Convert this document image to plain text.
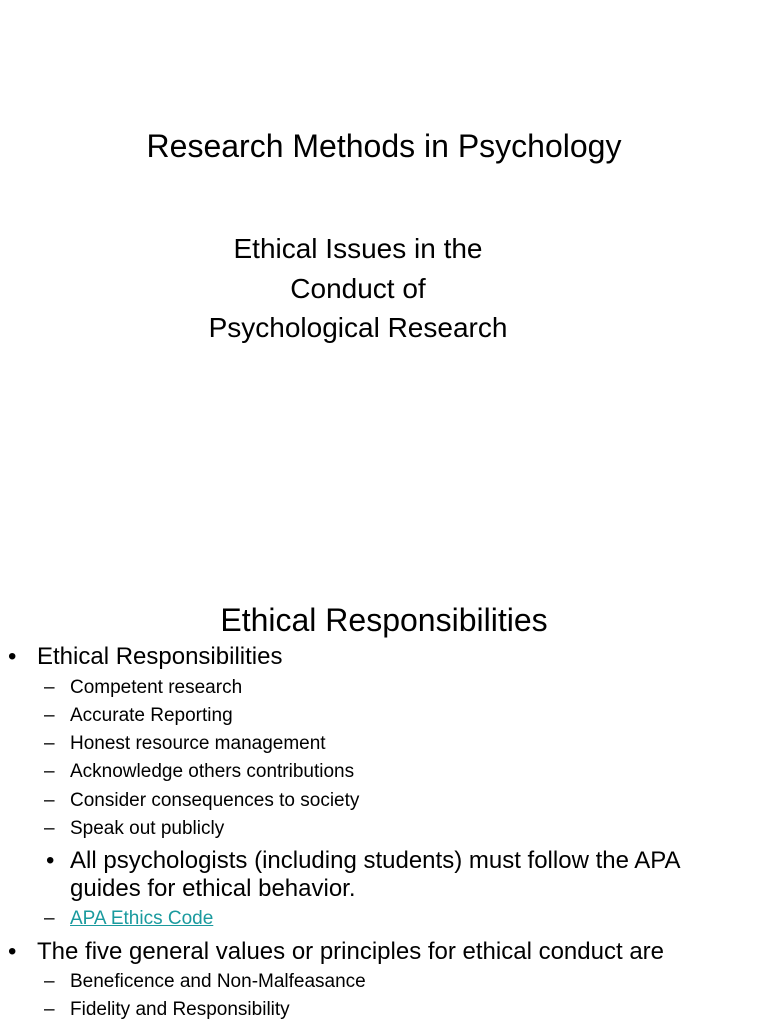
Research Methods in Psychology
Ethical Issues in the
Conduct of
Psychological Research
Ethical Responsibilities
• Ethical Responsibilities
– Competent research
– Accurate Reporting
– Honest resource management
– Acknowledge others contributions
– Consider consequences to society
– Speak out publicly
• All psychologists (including students) must follow the APA
guides for ethical behavior.
– APA Ethics Code
• The five general values or principles for ethical conduct are
– Beneficence and Non-Malfeasance
– Fidelity and Responsibility
